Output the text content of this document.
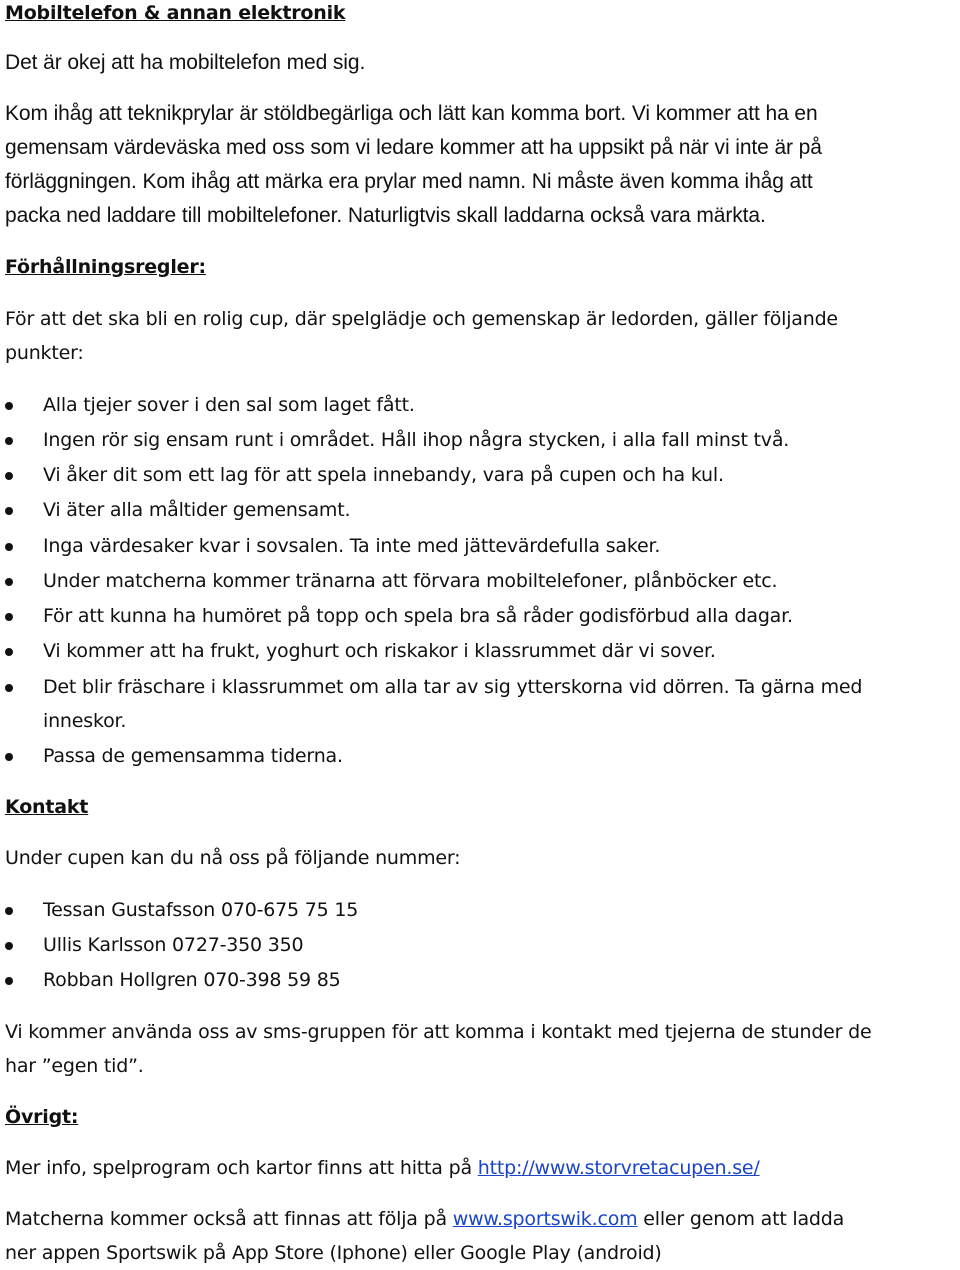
Mobiltelefon & annan elektronik
Det är okej att ha mobiltelefon med sig.
Kom ihåg att teknikprylar är stöldbegärliga och lätt kan komma bort. Vi kommer att ha en
gemensam värdeväska med oss som vi ledare kommer att ha uppsikt på när vi inte är på
förläggningen. Kom ihåg att märka era prylar med namn. Ni måste även komma ihåg att
packa ned laddare till mobiltelefoner. Naturligtvis skall laddarna också vara märkta.
Förhållningsregler:
För att det ska bli en rolig cup, där spelglädje och gemenskap är ledorden, gäller följande
punkter:
Alla tjejer sover i den sal som laget fått.
Ingen rör sig ensam runt i området. Håll ihop några stycken, i alla fall minst två.
Vi åker dit som ett lag för att spela innebandy, vara på cupen och ha kul.
Vi äter alla måltider gemensamt.
Inga värdesaker kvar i sovsalen. Ta inte med jättevärdefulla saker.
Under matcherna kommer tränarna att förvara mobiltelefoner, plånböcker etc.
För att kunna ha humöret på topp och spela bra så råder godisförbud alla dagar.
Vi kommer att ha frukt, yoghurt och riskakor i klassrummet där vi sover.
Det blir fräschare i klassrummet om alla tar av sig ytterskorna vid dörren. Ta gärna med
inneskor.
Passa de gemensamma tiderna.
Kontakt
Under cupen kan du nå oss på följande nummer:
Tessan Gustafsson 070-675 75 15
Ullis Karlsson 0727-350 350
Robban Hollgren 070-398 59 85
Vi kommer använda oss av sms-gruppen för att komma i kontakt med tjejerna de stunder de
har ”egen tid”.
Övrigt:
Mer info, spelprogram och kartor finns att hitta på http://www.storvretacupen.se/
Matcherna kommer också att finnas att följa på www.sportswik.com eller genom att ladda
ner appen Sportswik på App Store (Iphone) eller Google Play (android)
